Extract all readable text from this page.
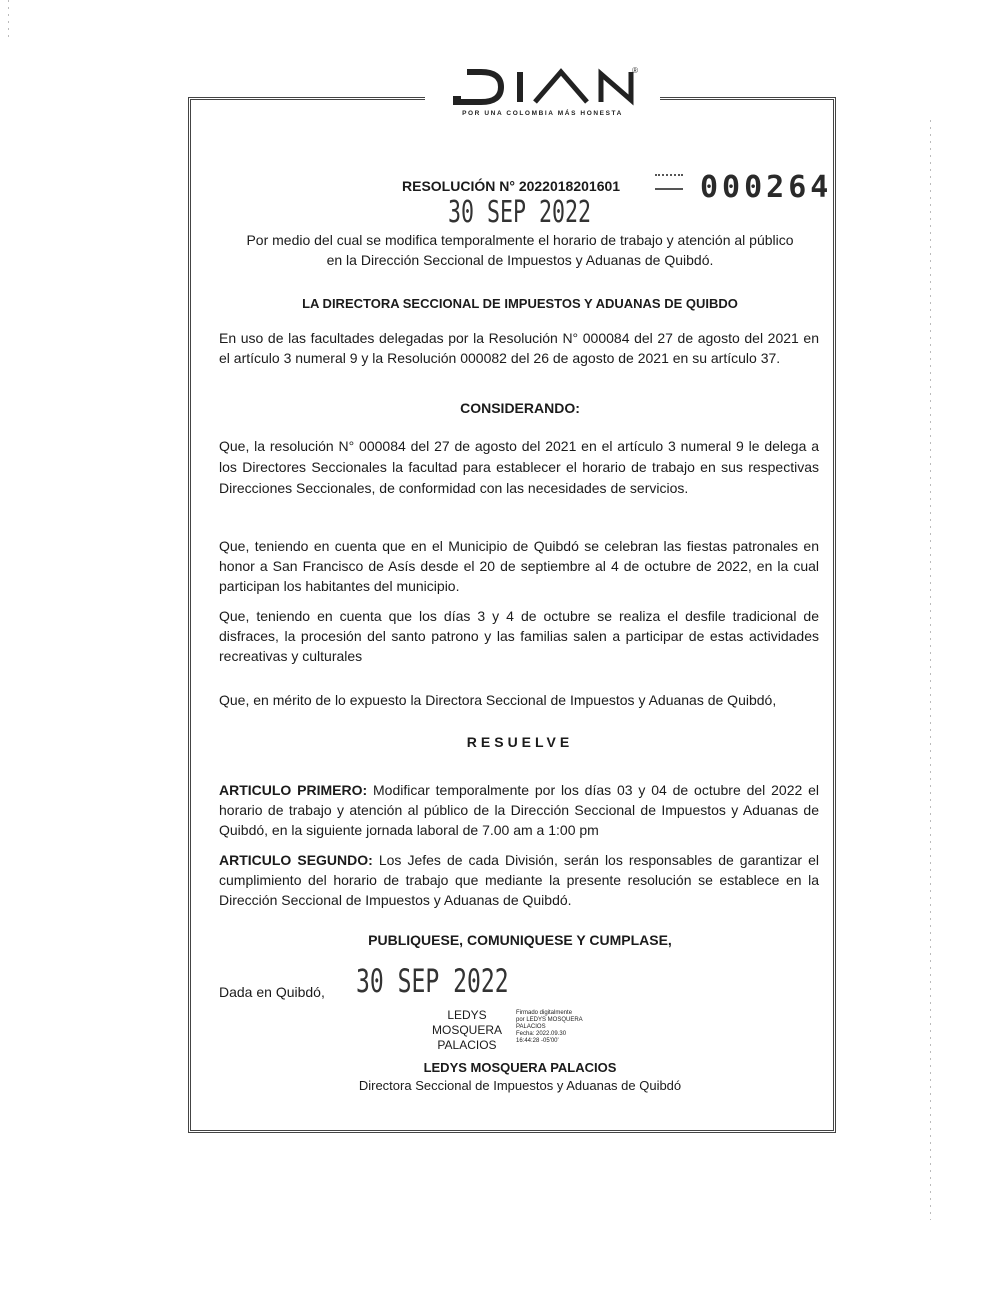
®
POR UNA COLOMBIA MÁS HONESTA
RESOLUCIÓN N° 2022018201601	000264
30 SEP 2022
Por medio del cual se modifica temporalmente el horario de trabajo y atención al público
en la Dirección Seccional de Impuestos y Aduanas de Quibdó.
LA DIRECTORA SECCIONAL DE IMPUESTOS Y ADUANAS DE QUIBDO
En uso de las facultades delegadas por la Resolución N° 000084 del 27 de agosto del 2021 en el artículo 3 numeral 9 y la Resolución 000082 del 26 de agosto de 2021 en su artículo 37.
CONSIDERANDO:
Que, la resolución N° 000084 del 27 de agosto del 2021 en el artículo 3 numeral 9 le delega a los Directores Seccionales la facultad para establecer el horario de trabajo en sus respectivas Direcciones Seccionales, de conformidad con las necesidades de servicios.
Que, teniendo en cuenta que en el Municipio de Quibdó se celebran las fiestas patronales en honor a San Francisco de Asís desde el 20 de septiembre al 4 de octubre de 2022, en la cual participan los habitantes del municipio.
Que, teniendo en cuenta que los días 3 y 4 de octubre se realiza el desfile tradicional de disfraces, la procesión del santo patrono y las familias salen a participar de estas actividades recreativas y culturales
Que, en mérito de lo expuesto la Directora Seccional de Impuestos y Aduanas de Quibdó,
RESUELVE
ARTICULO PRIMERO: Modificar temporalmente por los días 03 y 04 de octubre del 2022 el horario de trabajo y atención al público de la Dirección Seccional de Impuestos y Aduanas de Quibdó, en la siguiente jornada laboral de 7.00 am a 1:00 pm
ARTICULO SEGUNDO: Los Jefes de cada División, serán los responsables de garantizar el cumplimiento del horario de trabajo que mediante la presente resolución se establece en la Dirección Seccional de Impuestos y Aduanas de Quibdó.
PUBLIQUESE, COMUNIQUESE Y CUMPLASE,
Dada en Quibdó, 30 SEP 2022
LEDYS
MOSQUERA
PALACIOS
Firmado digitalmente
por LEDYS MOSQUERA
PALACIOS
Fecha: 2022.09.30
16:44:28 -05'00'
LEDYS MOSQUERA PALACIOS
Directora Seccional de Impuestos y Aduanas de Quibdó
